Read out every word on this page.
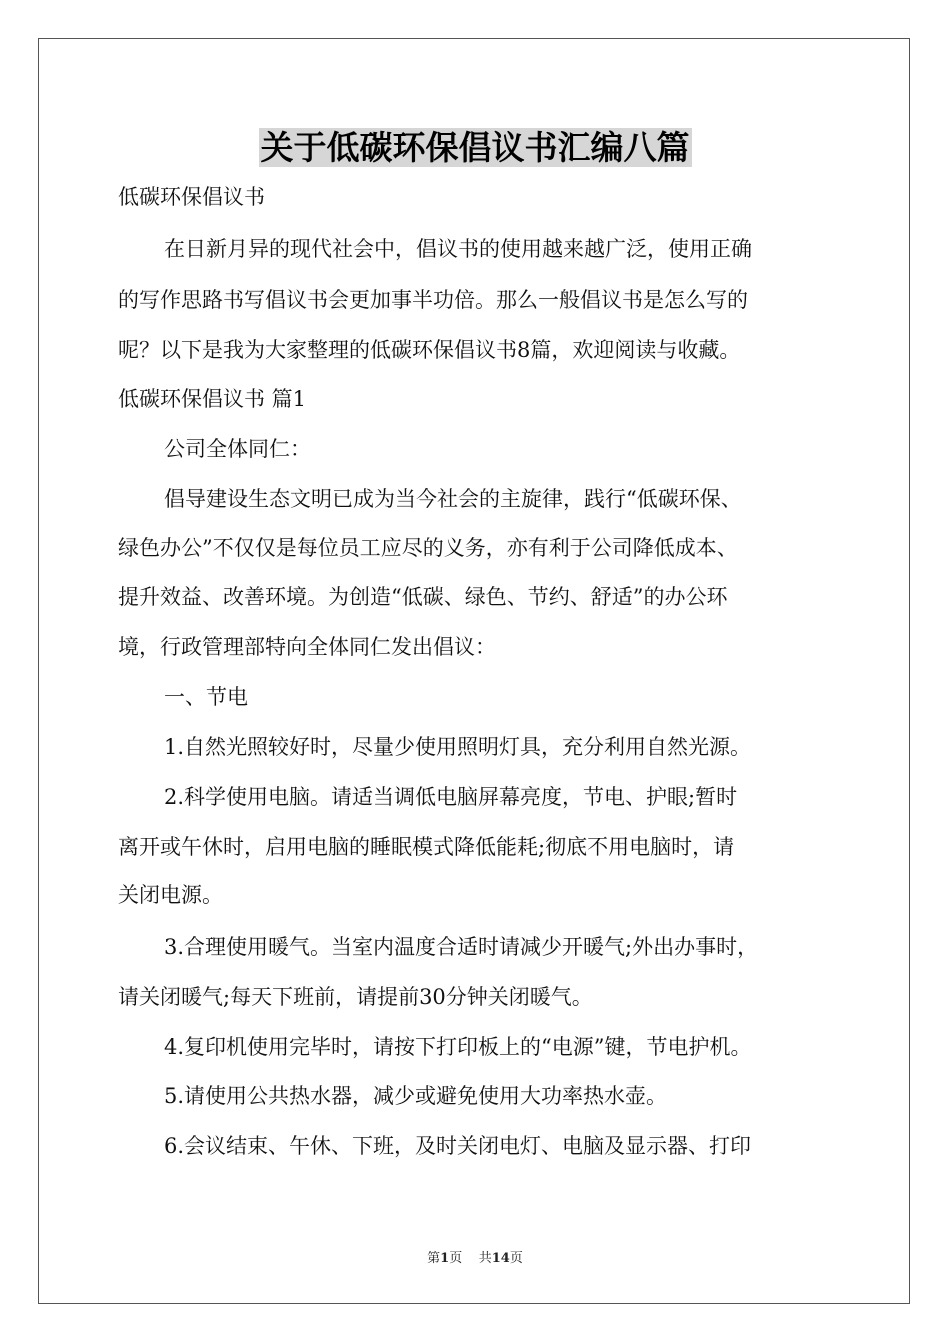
关于低碳环保倡议书汇编八篇
低碳环保倡议书
在日新月异的现代社会中，倡议书的使用越来越广泛，使用正确
的写作思路书写倡议书会更加事半功倍。那么一般倡议书是怎么写的
呢？以下是我为大家整理的低碳环保倡议书8篇，欢迎阅读与收藏。
低碳环保倡议书 篇1
公司全体同仁：
倡导建设生态文明已成为当今社会的主旋律，践行“低碳环保、
绿色办公”不仅仅是每位员工应尽的义务，亦有利于公司降低成本、
提升效益、改善环境。为创造“低碳、绿色、节约、舒适”的办公环
境，行政管理部特向全体同仁发出倡议：
一、节电
1.自然光照较好时，尽量少使用照明灯具，充分利用自然光源。
2.科学使用电脑。请适当调低电脑屏幕亮度，节电、护眼;暂时
离开或午休时，启用电脑的睡眠模式降低能耗;彻底不用电脑时，请
关闭电源。
3.合理使用暖气。当室内温度合适时请减少开暖气;外出办事时，
请关闭暖气;每天下班前，请提前30分钟关闭暖气。
4.复印机使用完毕时，请按下打印板上的“电源”键，节电护机。
5.请使用公共热水器，减少或避免使用大功率热水壶。
6.会议结束、午休、下班，及时关闭电灯、电脑及显示器、打印
第1页 共14页
